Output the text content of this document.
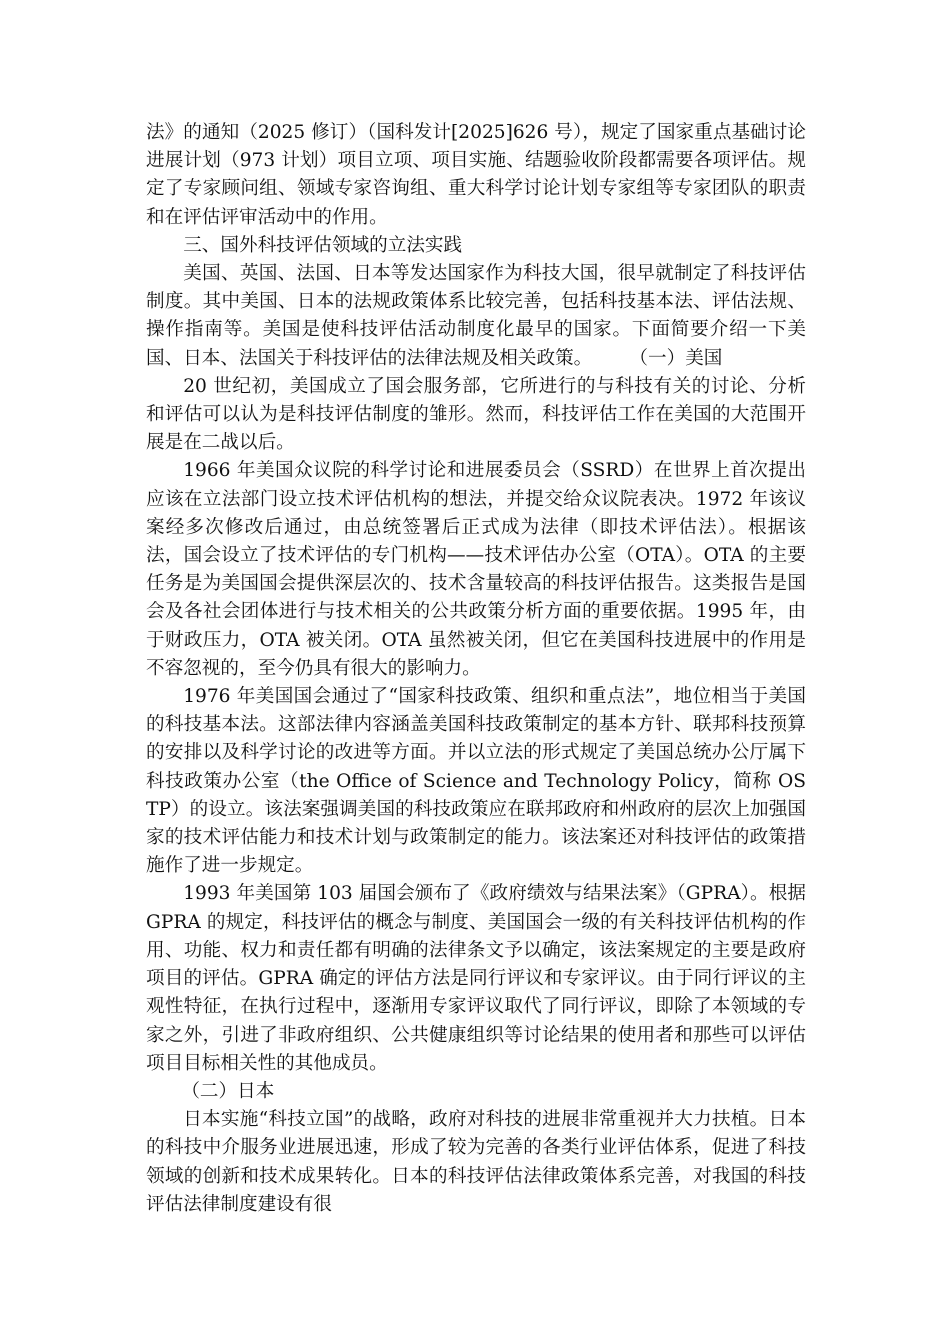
法》的通知（2025 修订）（国科发计[2025]626 号），规定了国家重点基础讨论进展计划（973 计划）项目立项、项目实施、结题验收阶段都需要各项评估。规定了专家顾问组、领域专家咨询组、重大科学讨论计划专家组等专家团队的职责和在评估评审活动中的作用。

三、国外科技评估领域的立法实践

美国、英国、法国、日本等发达国家作为科技大国，很早就制定了科技评估制度。其中美国、日本的法规政策体系比较完善，包括科技基本法、评估法规、操作指南等。美国是使科技评估活动制度化最早的国家。下面简要介绍一下美国、日本、法国关于科技评估的法律法规及相关政策。　　　（一）美国

20 世纪初，美国成立了国会服务部，它所进行的与科技有关的讨论、分析和评估可以认为是科技评估制度的雏形。然而，科技评估工作在美国的大范围开展是在二战以后。

1966 年美国众议院的科学讨论和进展委员会（SSRD）在世界上首次提出应该在立法部门设立技术评估机构的想法，并提交给众议院表决。1972 年该议案经多次修改后通过，由总统签署后正式成为法律（即技术评估法）。根据该法，国会设立了技术评估的专门机构——技术评估办公室（OTA）。OTA 的主要任务是为美国国会提供深层次的、技术含量较高的科技评估报告。这类报告是国会及各社会团体进行与技术相关的公共政策分析方面的重要依据。1995 年，由于财政压力，OTA 被关闭。OTA 虽然被关闭，但它在美国科技进展中的作用是不容忽视的，至今仍具有很大的影响力。

1976 年美国国会通过了“国家科技政策、组织和重点法”，地位相当于美国的科技基本法。这部法律内容涵盖美国科技政策制定的基本方针、联邦科技预算的安排以及科学讨论的改进等方面。并以立法的形式规定了美国总统办公厅属下科技政策办公室（the Office of Science and Technology Policy，简称 OSTP）的设立。该法案强调美国的科技政策应在联邦政府和州政府的层次上加强国家的技术评估能力和技术计划与政策制定的能力。该法案还对科技评估的政策措施作了进一步规定。

1993 年美国第 103 届国会颁布了《政府绩效与结果法案》（GPRA）。根据 GPRA 的规定，科技评估的概念与制度、美国国会一级的有关科技评估机构的作用、功能、权力和责任都有明确的法律条文予以确定，该法案规定的主要是政府项目的评估。GPRA 确定的评估方法是同行评议和专家评议。由于同行评议的主观性特征，在执行过程中，逐渐用专家评议取代了同行评议，即除了本领域的专家之外，引进了非政府组织、公共健康组织等讨论结果的使用者和那些可以评估项目目标相关性的其他成员。

（二）日本

日本实施“科技立国”的战略，政府对科技的进展非常重视并大力扶植。日本的科技中介服务业进展迅速，形成了较为完善的各类行业评估体系，促进了科技领域的创新和技术成果转化。日本的科技评估法律政策体系完善，对我国的科技评估法律制度建设有很
